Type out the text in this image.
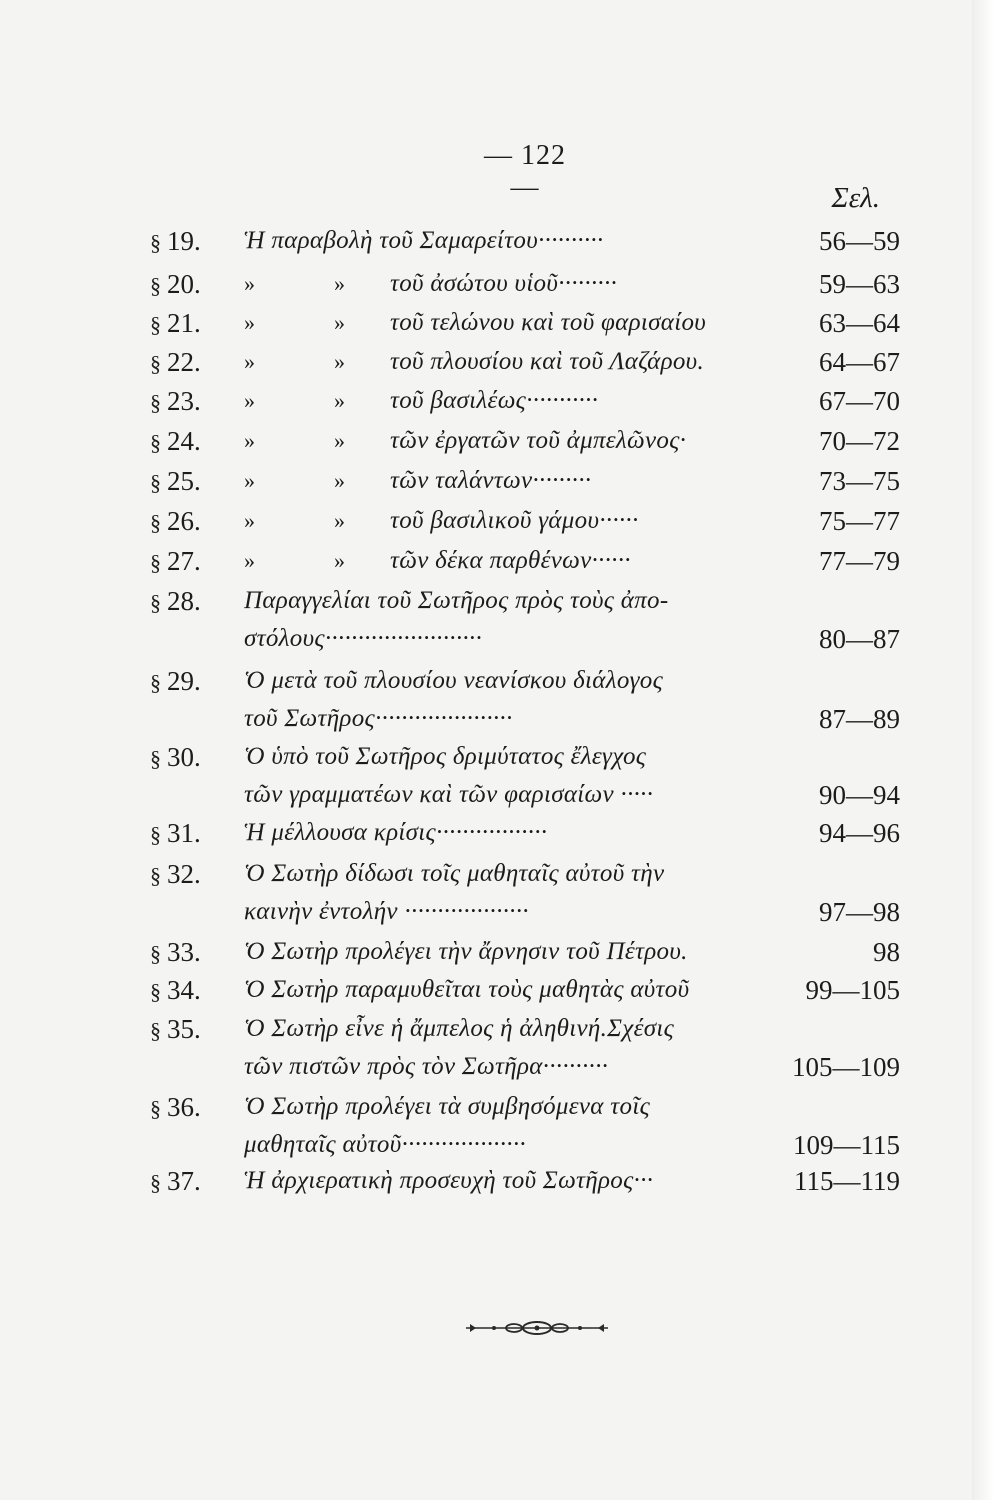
— 122 —	Σελ.
§ 19.	Ἡ παραβολὴ τοῦ Σαμαρείτου··········	56—59
§ 20.	»	»	τοῦ ἀσώτου υἱοῦ·········	59—63
§ 21.	»	»	τοῦ τελώνου καὶ τοῦ φαρισαίου	63—64
§ 22.	»	»	τοῦ πλουσίου καὶ τοῦ Λαζάρου.	64—67
§ 23.	»	»	τοῦ βασιλέως···········	67—70
§ 24.	»	»	τῶν ἐργατῶν τοῦ ἀμπελῶνος·	70—72
§ 25.	»	»	τῶν ταλάντων·········	73—75
§ 26.	»	»	τοῦ βασιλικοῦ γάμου······	75—77
§ 27.	»	»	τῶν δέκα παρθένων······	77—79
§ 28.	Παραγγελίαι τοῦ Σωτῆρος πρὸς τοὺς ἀπο-
στόλους························	80—87
§ 29.	Ὁ μετὰ τοῦ πλουσίου νεανίσκου διάλογος
τοῦ Σωτῆρος·····················	87—89
§ 30.	Ὁ ὑπὸ τοῦ Σωτῆρος δριμύτατος ἔλεγχος
τῶν γραμματέων καὶ τῶν φαρισαίων ·····	90—94
§ 31.	Ἡ μέλλουσα κρίσις·················	94—96
§ 32.	Ὁ Σωτὴρ δίδωσι τοῖς μαθηταῖς αὐτοῦ τὴν
καινὴν ἐντολήν ···················	97—98
§ 33.	Ὁ Σωτὴρ προλέγει τὴν ἄρνησιν τοῦ Πέτρου.	98
§ 34.	Ὁ Σωτὴρ παραμυθεῖται τοὺς μαθητὰς αὐτοῦ	99—105
§ 35.	Ὁ Σωτὴρ εἶνε ἡ ἄμπελος ἡ ἀληθινή.Σχέσις
τῶν πιστῶν πρὸς τὸν Σωτῆρα··········	105—109
§ 36.	Ὁ Σωτὴρ προλέγει τὰ συμβησόμενα τοῖς
μαθηταῖς αὐτοῦ···················	109—115
§ 37.	Ἡ ἀρχιερατικὴ προσευχὴ τοῦ Σωτῆρος···	115—119
